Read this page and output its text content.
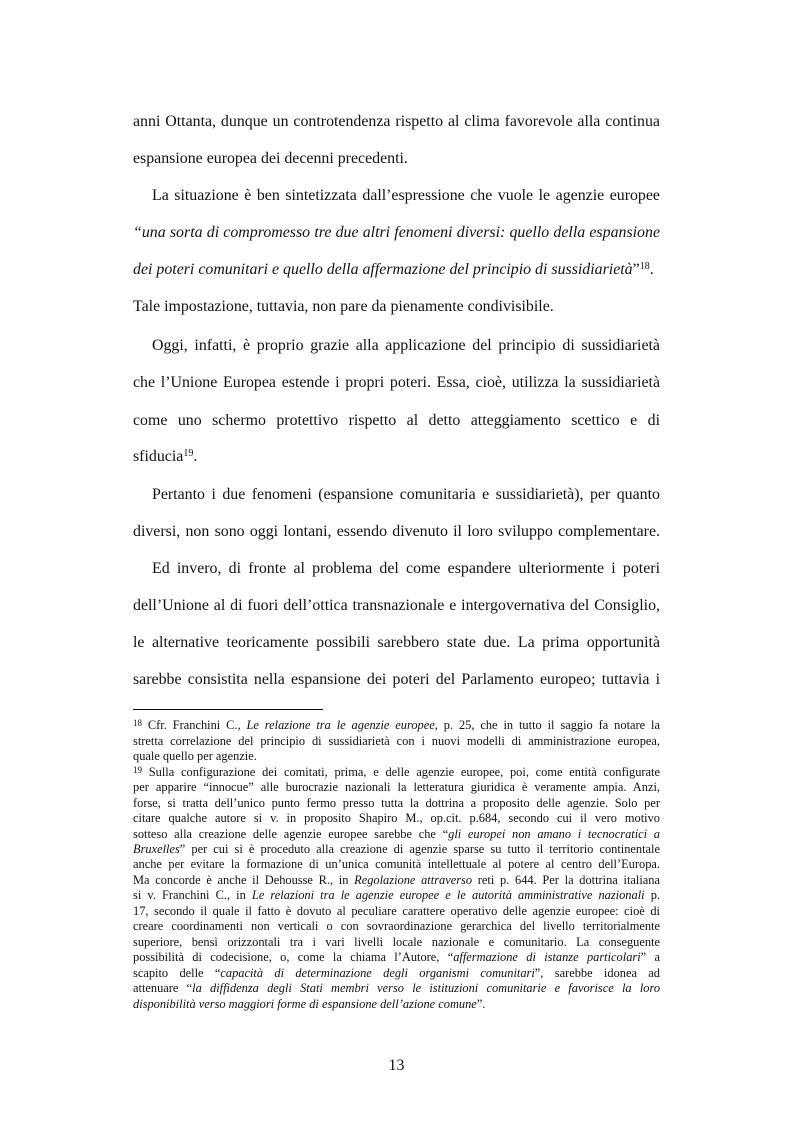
anni Ottanta, dunque un controtendenza rispetto al clima favorevole alla continua
espansione europea dei decenni precedenti.
La situazione è ben sintetizzata dall’espressione che vuole le agenzie europee
“una sorta di compromesso tre due altri fenomeni diversi: quello della espansione
dei poteri comunitari e quello della affermazione del principio di sussidiarietà”$^{18}$.
Tale impostazione, tuttavia, non pare da pienamente condivisibile.
Oggi, infatti, è proprio grazie alla applicazione del principio di sussidiarietà
che l’Unione Europea estende i propri poteri. Essa, cioè, utilizza la sussidiarietà
come uno schermo protettivo rispetto al detto atteggiamento scettico e di
sfiducia$^{19}$.
Pertanto i due fenomeni (espansione comunitaria e sussidiarietà), per quanto
diversi, non sono oggi lontani, essendo divenuto il loro sviluppo complementare.
Ed invero, di fronte al problema del come espandere ulteriormente i poteri
dell’Unione al di fuori dell’ottica transnazionale e intergovernativa del Consiglio,
le alternative teoricamente possibili sarebbero state due. La prima opportunità
sarebbe consistita nella espansione dei poteri del Parlamento europeo; tuttavia i
$^{18}$ Cfr. Franchini C., Le relazione tra le agenzie europee, p. 25, che in tutto il saggio fa notare la
stretta correlazione del principio di sussidiarietà con i nuovi modelli di amministrazione europea,
quale quello per agenzie.
$^{19}$ Sulla configurazione dei comitati, prima, e delle agenzie europee, poi, come entità configurate
per apparire “innocue” alle burocrazie nazionali la letteratura giuridica è veramente ampia. Anzi,
forse, si tratta dell’unico punto fermo presso tutta la dottrina a proposito delle agenzie. Solo per
citare qualche autore si v. in proposito Shapiro M., op.cit. p.684, secondo cui il vero motivo
sotteso alla creazione delle agenzie europee sarebbe che “gli europei non amano i tecnocratici a
Bruxelles” per cui si è proceduto alla creazione di agenzie sparse su tutto il territorio continentale
anche per evitare la formazione di un’unica comunità intellettuale al potere al centro dell’Europa.
Ma concorde è anche il Dehousse R., in Regolazione attraverso reti p. 644. Per la dottrina italiana
si v. Franchini C., in Le relazioni tra le agenzie europee e le autorità amministrative nazionali p.
17, secondo il quale il fatto è dovuto al peculiare carattere operativo delle agenzie europee: cioè di
creare coordinamenti non verticali o con sovraordinazione gerarchica del livello territorialmente
superiore, bensì orizzontali tra i vari livelli locale nazionale e comunitario. La conseguente
possibilità di codecisione, o, come la chiama l’Autore, “affermazione di istanze particolari” a
scapito delle “capacità di determinazione degli organismi comunitari”, sarebbe idonea ad
attenuare “la diffidenza degli Stati membri verso le istituzioni comunitarie e favorisce la loro
disponibilità verso maggiori forme di espansione dell’azione comune”.
13
